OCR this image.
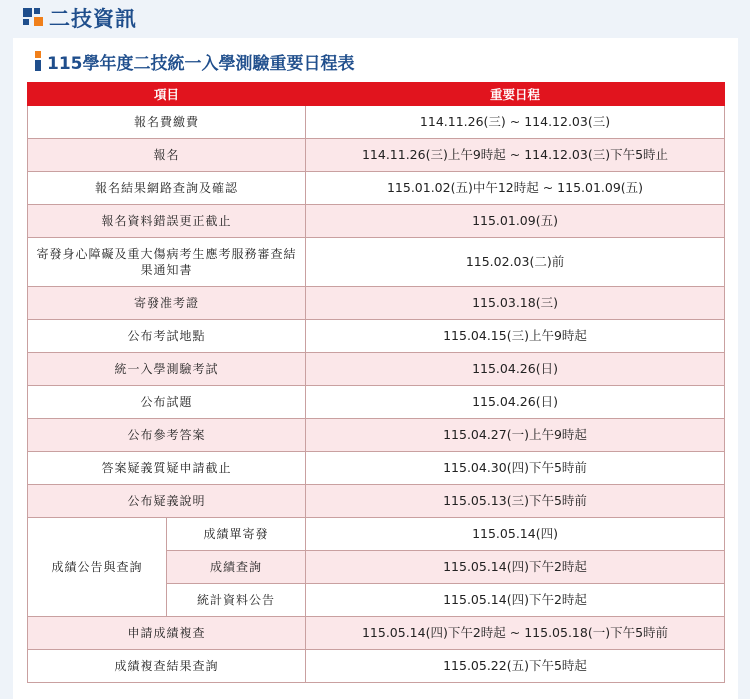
二技資訊
115學年度二技統一入學測驗重要日程表
項目		重要日程
報名費繳費		114.11.26(三) ~ 114.12.03(三)
報名		114.11.26(三)上午9時起 ~ 114.12.03(三)下午5時止
報名結果網路查詢及確認		115.01.02(五)中午12時起 ~ 115.01.09(五)
報名資料錯誤更正截止		115.01.09(五)
寄發身心障礙及重大傷病考生應考服務審查結果通知書		115.02.03(二)前
寄發准考證		115.03.18(三)
公布考試地點		115.04.15(三)上午9時起
統一入學測驗考試		115.04.26(日)
公布試題		115.04.26(日)
公布參考答案		115.04.27(一)上午9時起
答案疑義質疑申請截止		115.04.30(四)下午5時前
公布疑義說明		115.05.13(三)下午5時前
成績公告與查詢	成績單寄發	115.05.14(四)
	成績查詢	115.05.14(四)下午2時起
	統計資料公告	115.05.14(四)下午2時起
申請成績複查		115.05.14(四)下午2時起 ~ 115.05.18(一)下午5時前
成績複查結果查詢		115.05.22(五)下午5時起
